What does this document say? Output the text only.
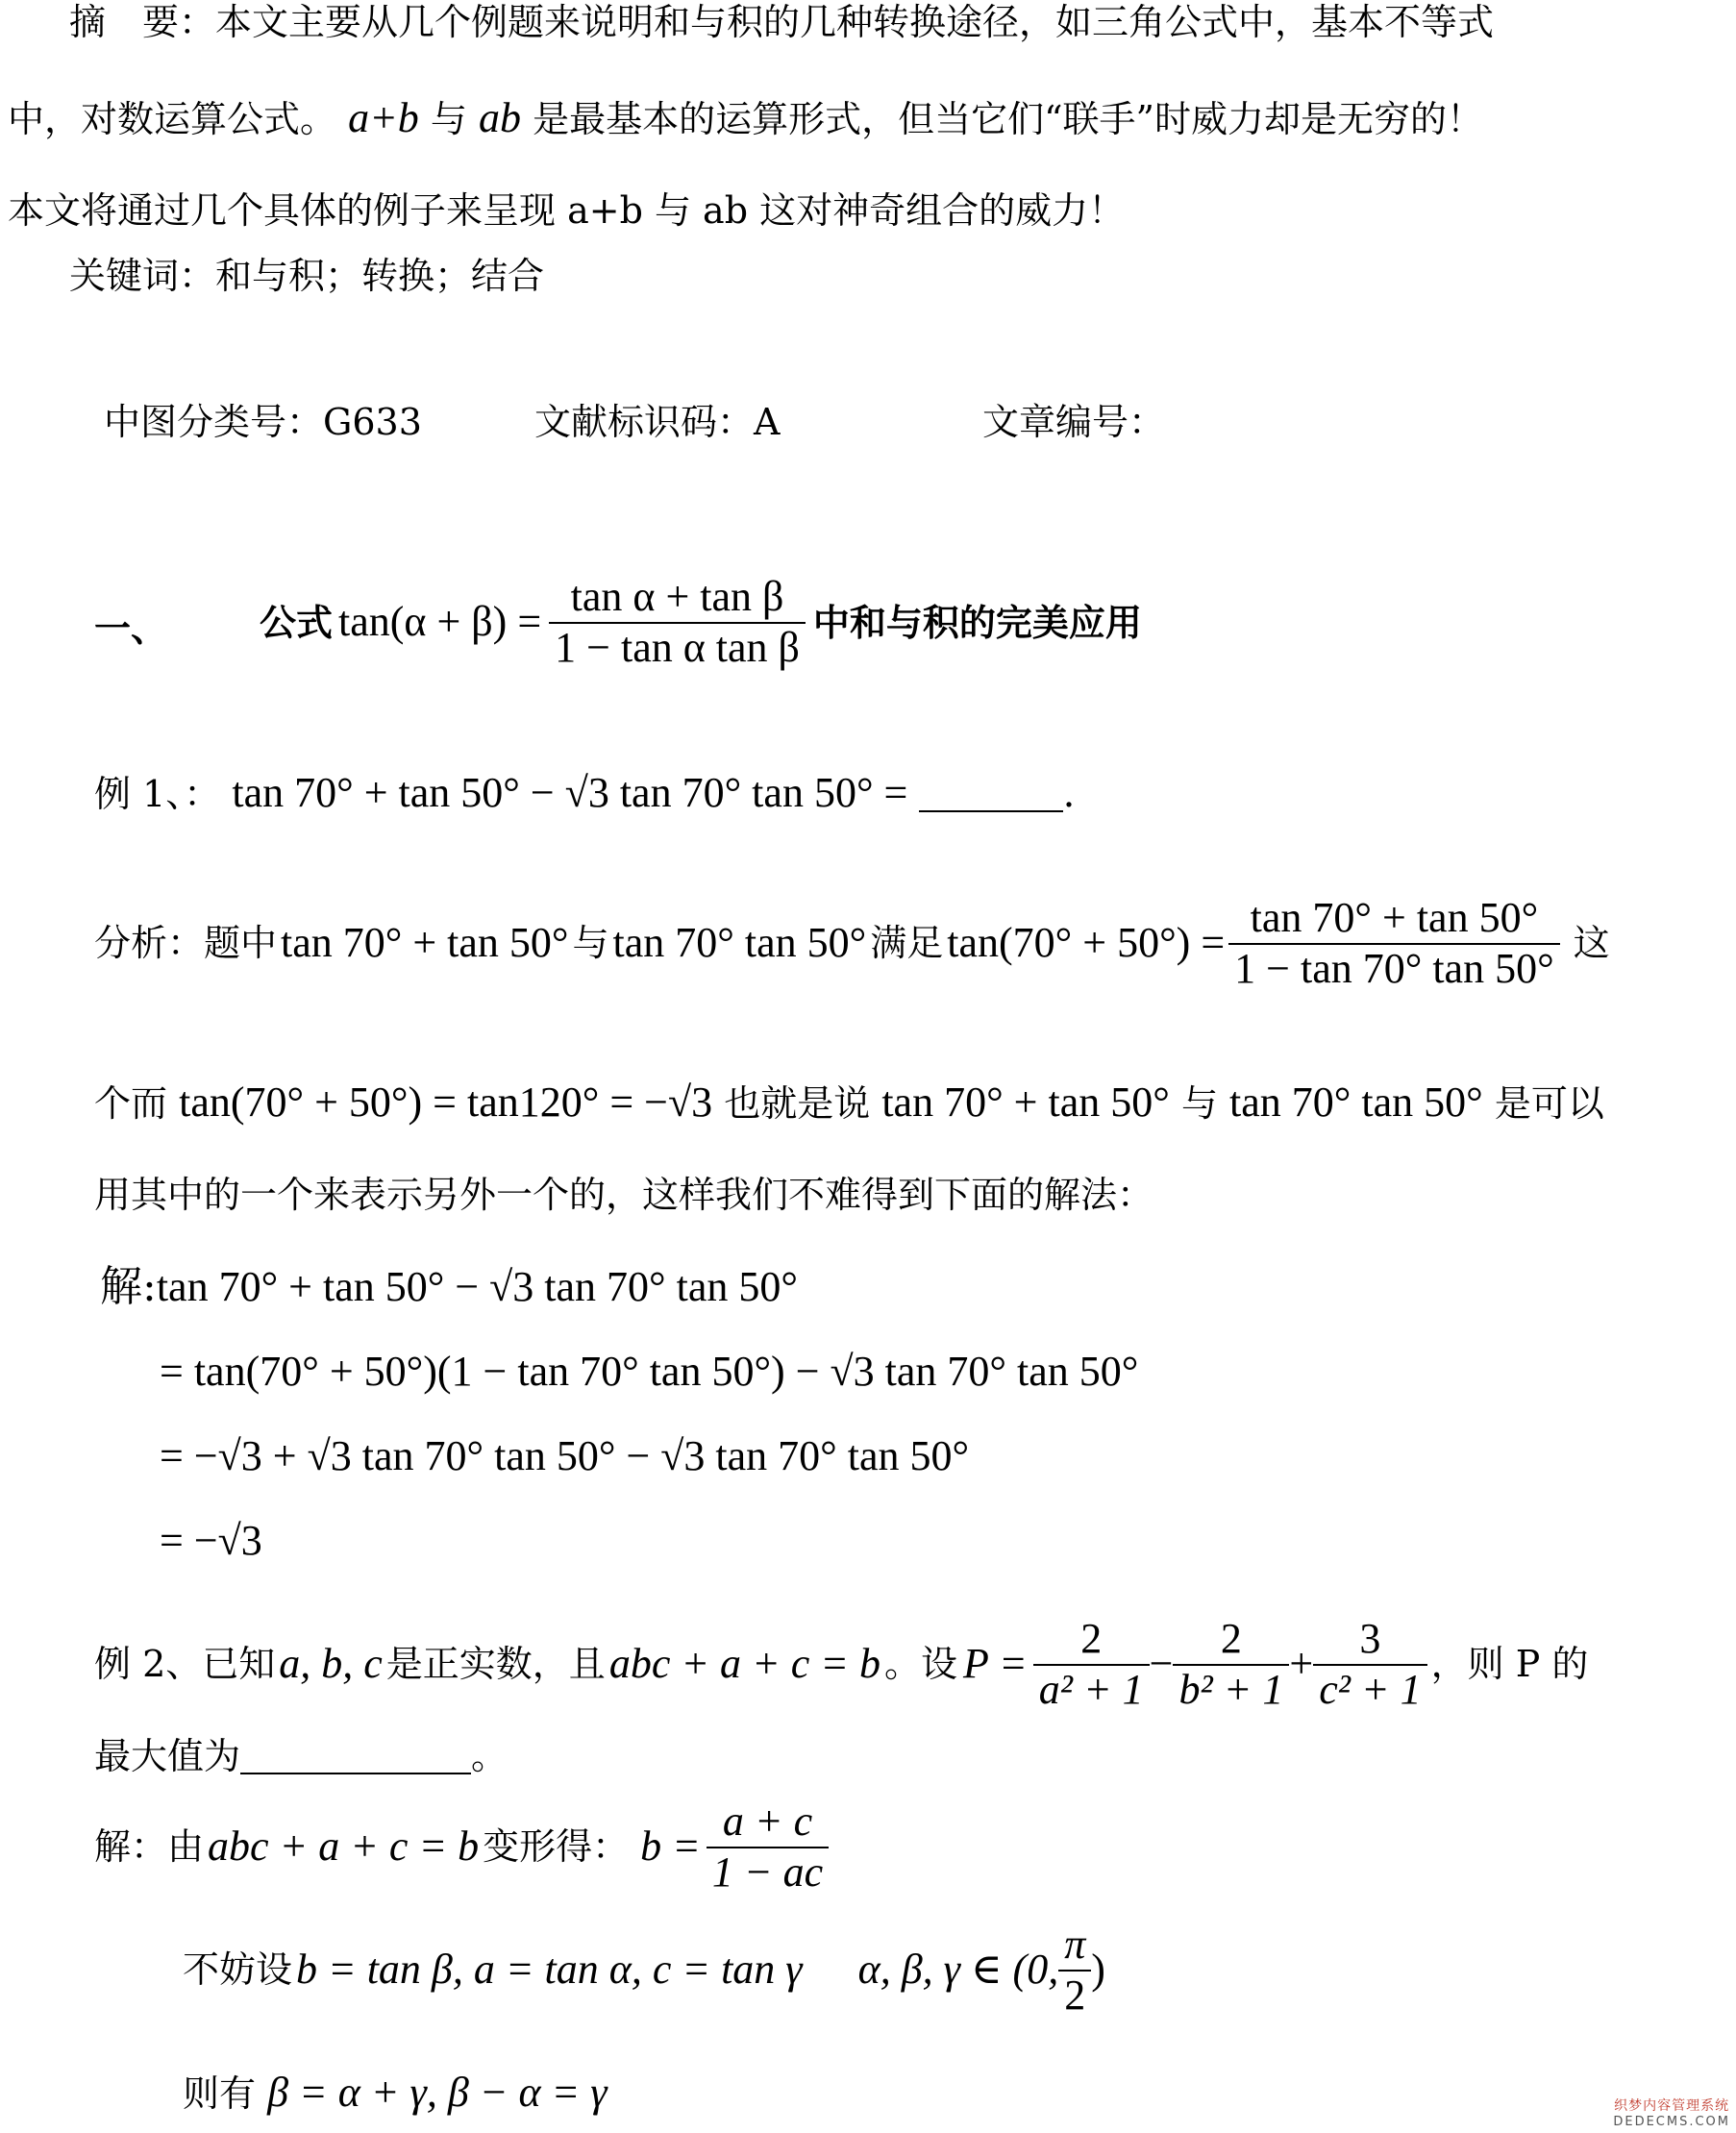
摘　要：本文主要从几个例题来说明和与积的几种转换途径，如三角公式中，基本不等式
中，对数运算公式。 a+b 与 ab 是最基本的运算形式，但当它们“联手”时威力却是无穷的！
本文将通过几个具体的例子来呈现 a+b 与 ab 这对神奇组合的威力！
关键词：和与积；转换；结合
中图分类号：G633	文献标识码：A	文章编号：
一、	公式 $\tan(\alpha + \beta) = \frac{\text{tan α + tan β}}{\text{1 − tan α tan β}}$ 中和与积的完美应用
例 1、： tan 70° + tan 50° − √3 tan 70° tan 50° =	.
分析：题中 tan 70° + tan 50° 与 tan 70° tan 50° 满足 $\tan(70^\circ + 50^\circ) = \frac{\tan 70^\circ + \tan 50^\circ}{1 - \tan 70^\circ \tan 50^\circ}$ 这
个而 tan(70° + 50°) = tan120° = −√3 也就是说 tan 70° + tan 50° 与 tan 70° tan 50° 是可以
用其中的一个来表示另外一个的，这样我们不难得到下面的解法：
解:tan 70° + tan 50° − √3 tan 70° tan 50°
= tan(70° + 50°)(1 − tan 70° tan 50°) − √3 tan 70° tan 50°
= −√3 + √3 tan 70° tan 50° − √3 tan 70° tan 50°
= −√3
例 2、已知 a, b, c 是正实数，且 abc + a + c = b 。设 $P = \frac{2}{\text{a² + 1}} - \frac{2}{\text{b² + 1}} + \frac{3}{\text{c² + 1}}$ ，则 P 的
最大值为	。
解：由 abc + a + c = b 变形得： $b = \frac{a + c}{1 - ac}$
不妨设 b = tan β, a = tan α, c = tan γ α, β, γ ∈ (0, $\frac{\pi}{2}$ )
则有 β = α + γ, β − α = γ	织梦内容管理系统
DEDECMS.COM
